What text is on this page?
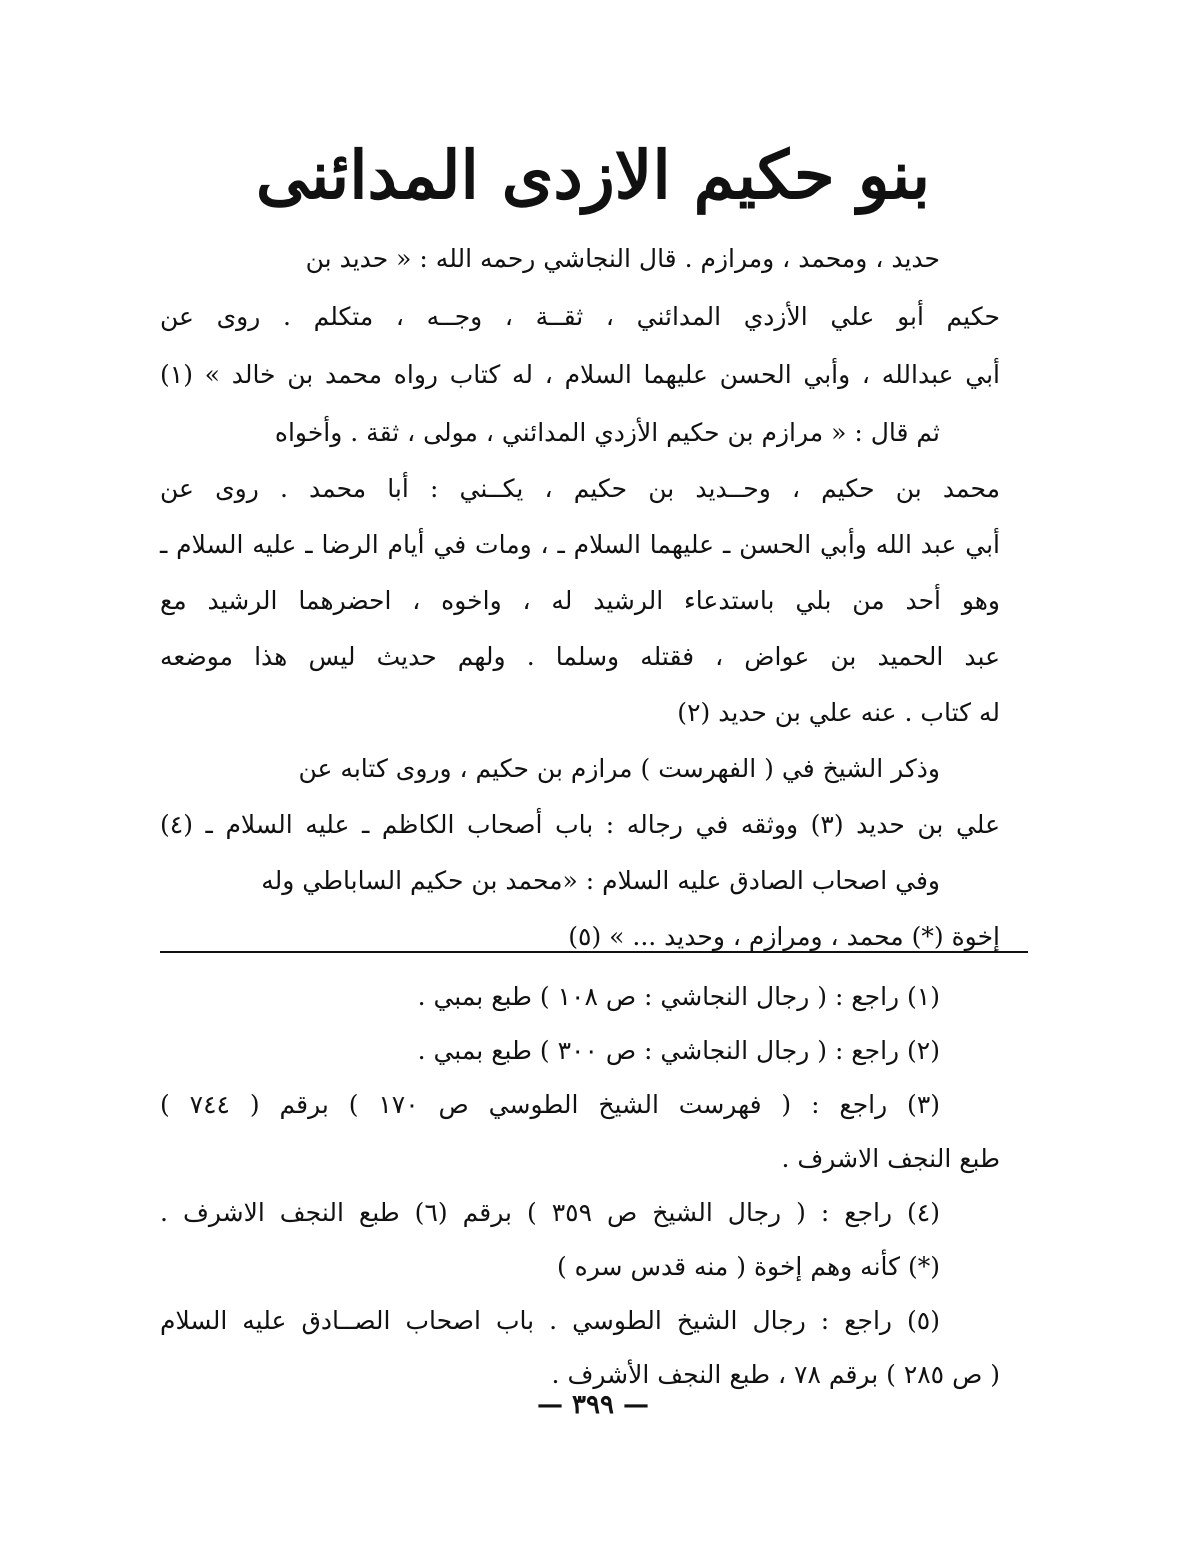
بنو حكيم الازدى المدائنى
حديد ، ومحمد ، ومرازم . قال النجاشي رحمه الله : « حديد بن
حكيم أبو علي الأزدي المدائني ، ثقــة ، وجــه ، متكلم . روى عن
أبي عبدالله ، وأبي الحسن عليهما السلام ، له كتاب رواه محمد بن خالد » (١)
ثم قال : « مرازم بن حكيم الأزدي المدائني ، مولى ، ثقة . وأخواه
محمد بن حكيم ، وحــديد بن حكيم ، يكــني : أبا محمد . روى عن
أبي عبد الله وأبي الحسن ـ عليهما السلام ـ ، ومات في أيام الرضا ـ عليه السلام ـ
وهو أحد من بلي باستدعاء الرشيد له ، واخوه ، احضرهما الرشيد مع
عبد الحميد بن عواض ، فقتله وسلما . ولهم حديث ليس هذا موضعه
له كتاب . عنه علي بن حديد (٢)
وذكر الشيخ في ( الفهرست ) مرازم بن حكيم ، وروى كتابه عن
علي بن حديد (٣) ووثقه في رجاله : باب أصحاب الكاظم ـ عليه السلام ـ (٤)
وفي اصحاب الصادق عليه السلام : «محمد بن حكيم الساباطي وله
إخوة (*) محمد ، ومرازم ، وحديد ... » (٥)
(١) راجع : ( رجال النجاشي : ص ١٠٨ ) طبع بمبي .
(٢) راجع : ( رجال النجاشي : ص ٣٠٠ ) طبع بمبي .
(٣) راجع : ( فهرست الشيخ الطوسي ص ١٧٠ ) برقم ( ٧٤٤ )
طبع النجف الاشرف .
(٤) راجع : ( رجال الشيخ ص ٣٥٩ ) برقم (٦) طبع النجف الاشرف .
(*) كأنه وهم إخوة ( منه قدس سره )
(٥) راجع : رجال الشيخ الطوسي . باب اصحاب الصــادق عليه السلام
( ص ٢٨٥ ) برقم ٧٨ ، طبع النجف الأشرف .
— ٣٩٩ —
